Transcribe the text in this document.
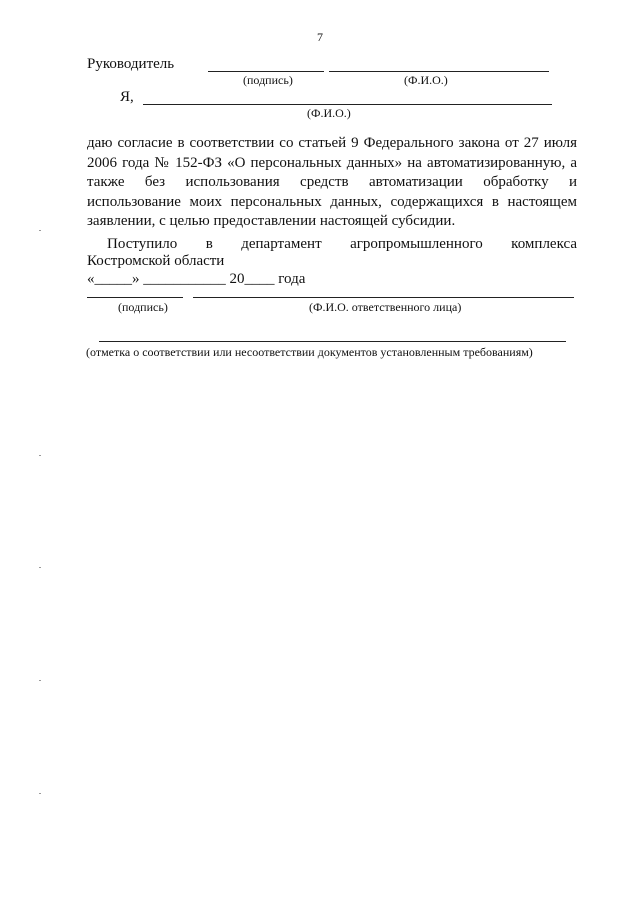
7
Руководитель
(подпись)	(Ф.И.О.)
Я,
(Ф.И.О.)
даю согласие в соответствии со статьей 9 Федерального закона от 27 июля
2006 года № 152-ФЗ «О персональных данных» на автоматизированную, а
также без использования средств автоматизации обработку и
использование моих персональных данных, содержащихся в настоящем
заявлении, с целью предоставлении настоящей субсидии.
Поступило в департамент агропромышленного комплекса
Костромской области
«_____» ___________ 20____ года
(подпись)	(Ф.И.О. ответственного лица)
(отметка о соответствии или несоответствии документов установленным требованиям)
